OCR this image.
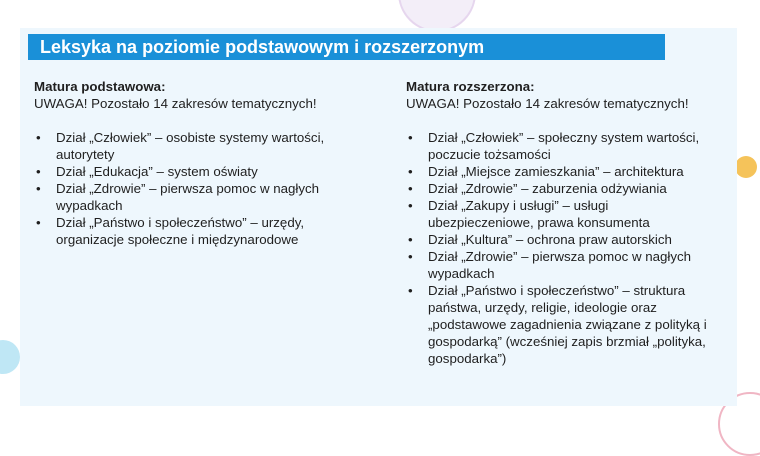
Leksyka na poziomie podstawowym i rozszerzonym

Matura podstawowa:

UWAGA! Pozostało 14 zakresów tematycznych!

• Dział „Człowiek” – osobiste systemy wartości, autorytety
• Dział „Edukacja” – system oświaty
• Dział „Zdrowie” – pierwsza pomoc w nagłych wypadkach
• Dział „Państwo i społeczeństwo” – urzędy, organizacje społeczne i międzynarodowe

Matura rozszerzona:

UWAGA! Pozostało 14 zakresów tematycznych!

• Dział „Człowiek” – społeczny system wartości, poczucie tożsamości
• Dział „Miejsce zamieszkania” – architektura
• Dział „Zdrowie” – zaburzenia odżywiania
• Dział „Zakupy i usługi” – usługi ubezpieczeniowe, prawa konsumenta
• Dział „Kultura” – ochrona praw autorskich
• Dział „Zdrowie” – pierwsza pomoc w nagłych wypadkach
• Dział „Państwo i społeczeństwo” – struktura państwa, urzędy, religie, ideologie oraz „podstawowe zagadnienia związane z polityką i gospodarką” (wcześniej zapis brzmiał „polityka, gospodarka”)
